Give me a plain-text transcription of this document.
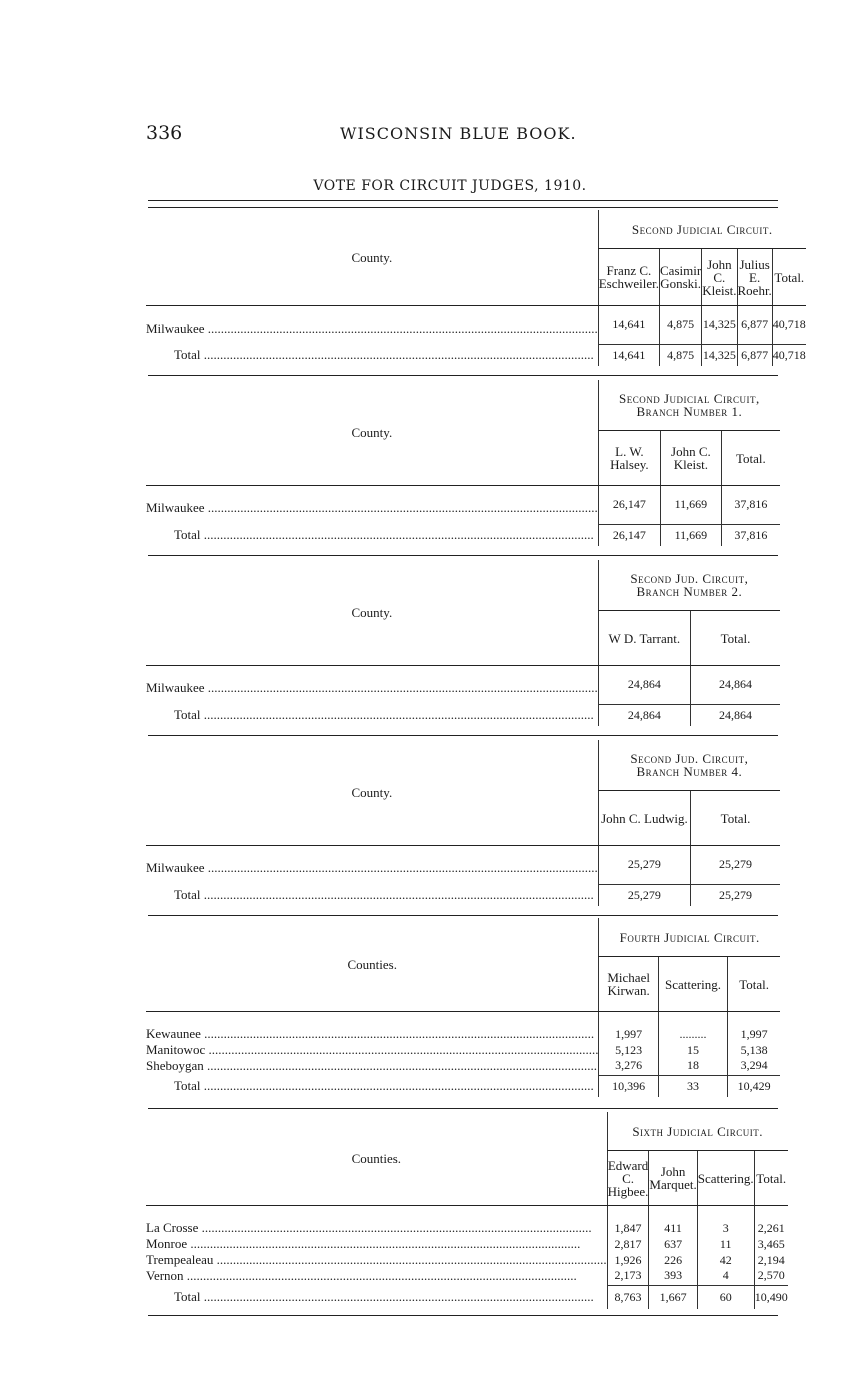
336	WISCONSIN BLUE BOOK.
VOTE FOR CIRCUIT JUDGES, 1910.
County.	Second Judicial Circuit.				
	Franz C. Eschweiler.	Casimir Gonski.	John C. Kleist.	Julius E. Roehr.	Total.
Milwaukee .....	14,641	4,875	14,325	6,877	40,718
Total .....	14,641	4,875	14,325	6,877	40,718
County.	Second Judicial Circuit,
Branch Number 1.		

	L. W. Halsey.	John C. Kleist.	Total.
Milwaukee .....	26,147	11,669	37,816
Total .....	26,147	11,669	37,816
County.	Second Jud. Circuit,
Branch Number 2.	

	W D. Tarrant.	Total.
Milwaukee .....	24,864	24,864
Total .....	24,864	24,864
County.	Second Jud. Circuit,
Branch Number 4.	

	John C. Ludwig.	Total.
Milwaukee .....	25,279	25,279
Total .....	25,279	25,279
Counties.	Fourth Judicial Circuit.		
	Michael Kirwan.	Scattering.	Total.
Kewaunee .....	1,997	.........	1,997
Manitowoc .....	5,123	15	5,138
Sheboygan .....	3,276	18	3,294
Total .....	10,396	33	10,429
Counties.	Sixth Judicial Circuit.			
	Edward C. Higbee.	John Marquet.	Scattering.	Total.
La Crosse .....	1,847	411	3	2,261
Monroe .....	2,817	637	11	3,465
Trempealeau .....	1,926	226	42	2,194
Vernon .....	2,173	393	4	2,570
Total .....	8,763	1,667	60	10,490
